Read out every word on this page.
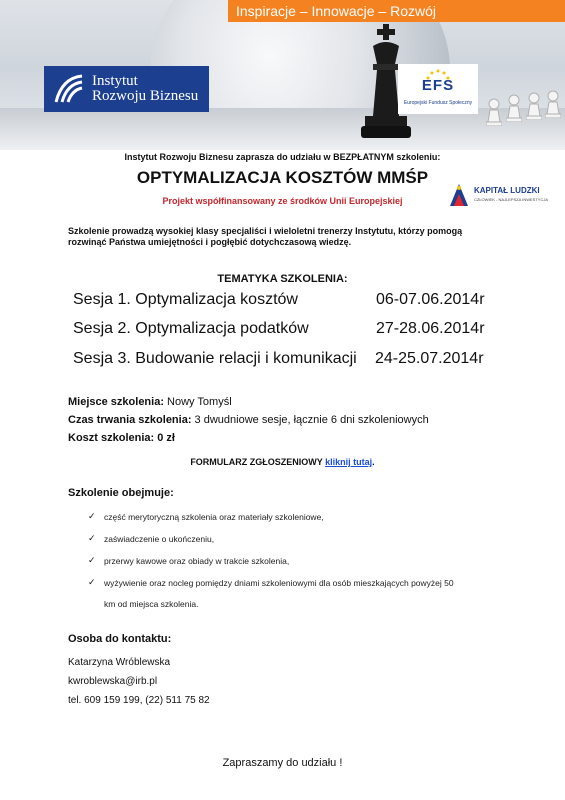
Inspiracje – Innowacje – Rozwój
Instytut
Rozwoju Biznesu
EFS
Europejski Fundusz Społeczny
Instytut Rozwoju Biznesu zaprasza do udziału w BEZPŁATNYM szkoleniu:
OPTYMALIZACJA KOSZTÓW MMŚP
Projekt współfinansowany ze środków Unii Europejskiej
KAPITAŁ LUDZKI
CZŁOWIEK - NAJLEPSZA INWESTYCJA
Szkolenie prowadzą wysokiej klasy specjaliści i wieloletni trenerzy Instytutu, którzy pomogą rozwinąć Państwa umiejętności i pogłębić dotychczasową wiedzę.
TEMATYKA SZKOLENIA:
Sesja 1. Optymalizacja kosztów	06-07.06.2014r
Sesja 2. Optymalizacja podatków	27-28.06.2014r
Sesja 3. Budowanie relacji i komunikacji 24-25.07.2014r
Miejsce szkolenia: Nowy Tomyśl
Czas trwania szkolenia: 3 dwudniowe sesje, łącznie 6 dni szkoleniowych
Koszt szkolenia: 0 zł
FORMULARZ ZGŁOSZENIOWY kliknij tutaj.
Szkolenie obejmuje:
✓ część merytoryczną szkolenia oraz materiały szkoleniowe,
✓ zaświadczenie o ukończeniu,
✓ przerwy kawowe oraz obiady w trakcie szkolenia,
✓ wyżywienie oraz nocleg pomiędzy dniami szkoleniowymi dla osób mieszkających powyżej 50
km od miejsca szkolenia.
Osoba do kontaktu:
Katarzyna Wróblewska
kwroblewska@irb.pl
tel. 609 159 199, (22) 511 75 82
Zapraszamy do udziału !
